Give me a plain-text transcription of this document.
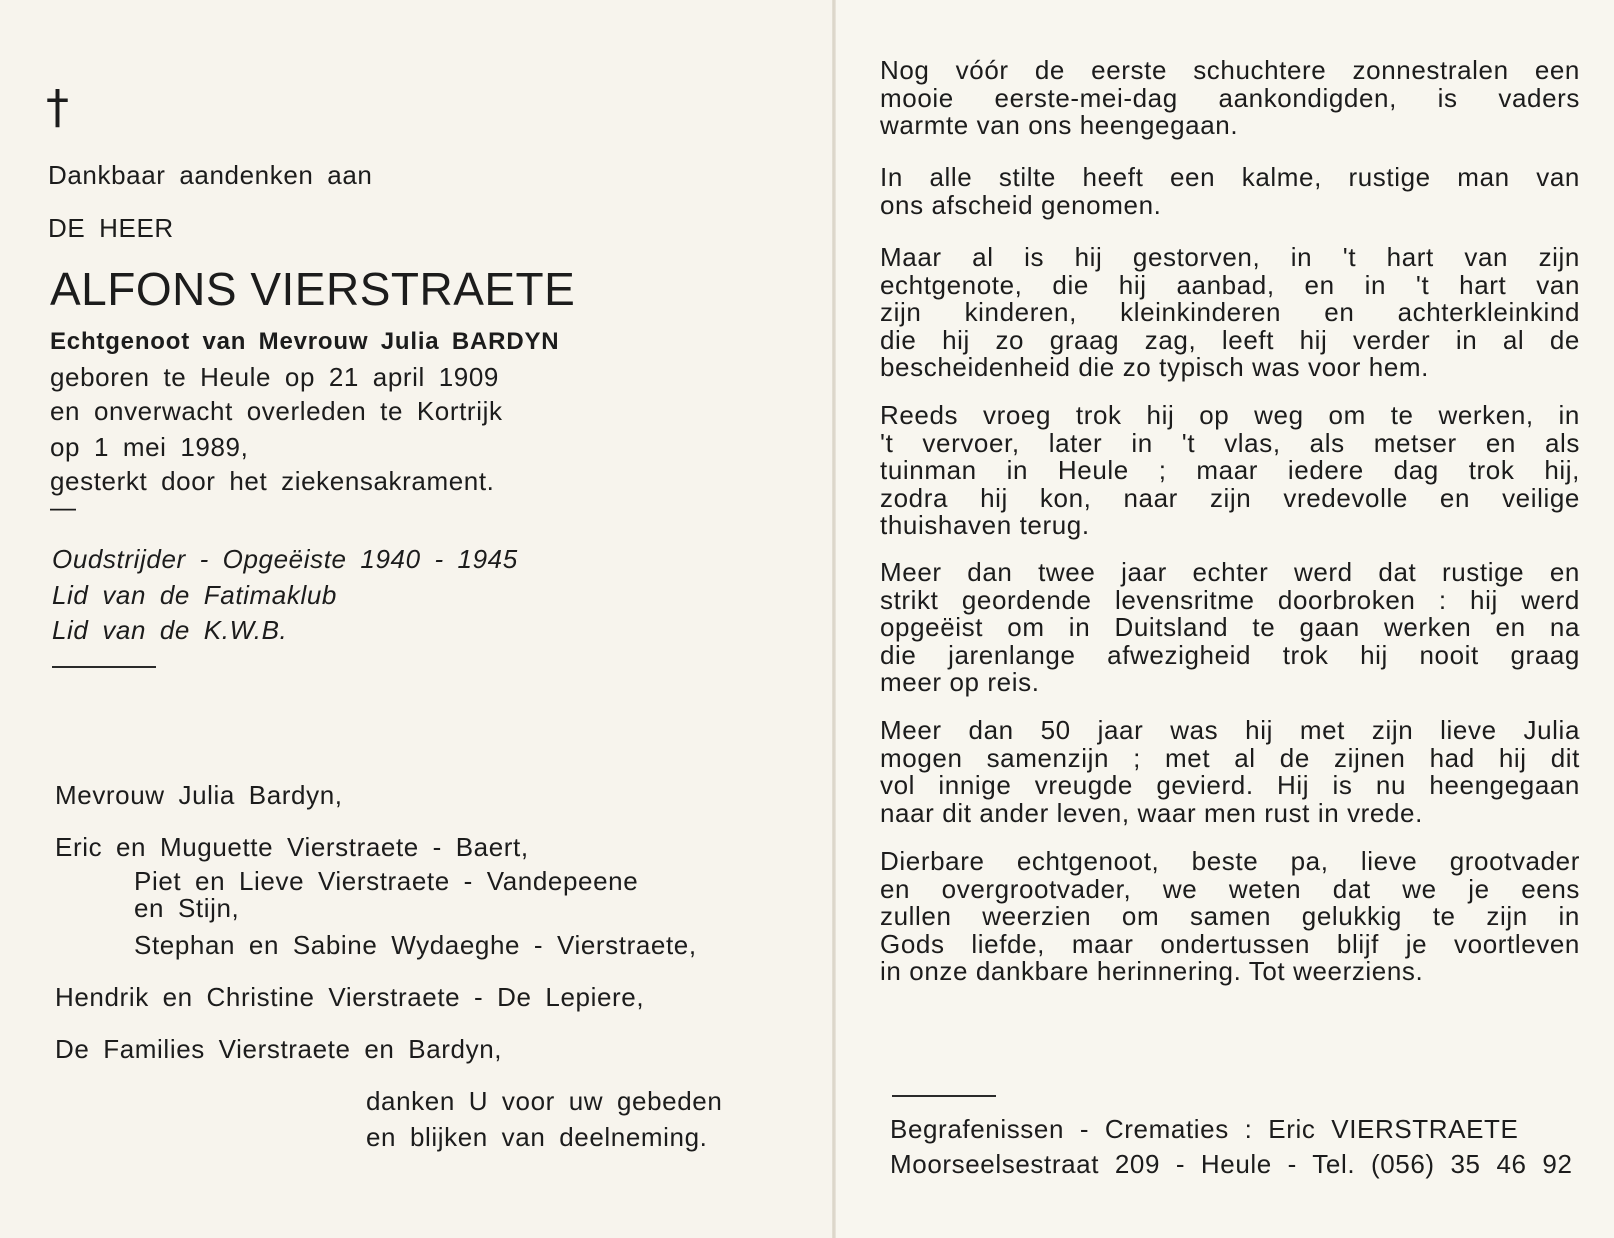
†

Dankbaar aandenken aan

DE HEER

ALFONS VIERSTRAETE

Echtgenoot van Mevrouw Julia BARDYN

geboren te Heule op 21 april 1909

en onverwacht overleden te Kortrijk

op 1 mei 1989,

gesterkt door het ziekensakrament.

—

Oudstrijder - Opgeëiste 1940 - 1945

Lid van de Fatimaklub

Lid van de K.W.B.

Mevrouw Julia Bardyn,

Eric en Muguette Vierstraete - Baert,

Piet en Lieve Vierstraete - Vandepeene

en Stijn,

Stephan en Sabine Wydaeghe - Vierstraete,

Hendrik en Christine Vierstraete - De Lepiere,

De Families Vierstraete en Bardyn,

danken U voor uw gebeden

en blijken van deelneming.

Nog vóór de eerste schuchtere zonnestralen een
mooie eerste-mei-dag aankondigden, is vaders
warmte van ons heengegaan.
In alle stilte heeft een kalme, rustige man van
ons afscheid genomen.
Maar al is hij gestorven, in 't hart van zijn
echtgenote, die hij aanbad, en in 't hart van
zijn kinderen, kleinkinderen en achterkleinkind
die hij zo graag zag, leeft hij verder in al de
bescheidenheid die zo typisch was voor hem.
Reeds vroeg trok hij op weg om te werken, in
't vervoer, later in 't vlas, als metser en als
tuinman in Heule ; maar iedere dag trok hij,
zodra hij kon, naar zijn vredevolle en veilige
thuishaven terug.
Meer dan twee jaar echter werd dat rustige en
strikt geordende levensritme doorbroken : hij werd
opgeëist om in Duitsland te gaan werken en na
die jarenlange afwezigheid trok hij nooit graag
meer op reis.
Meer dan 50 jaar was hij met zijn lieve Julia
mogen samenzijn ; met al de zijnen had hij dit
vol innige vreugde gevierd. Hij is nu heengegaan
naar dit ander leven, waar men rust in vrede.
Dierbare echtgenoot, beste pa, lieve grootvader
en overgrootvader, we weten dat we je eens
zullen weerzien om samen gelukkig te zijn in
Gods liefde, maar ondertussen blijf je voortleven
in onze dankbare herinnering. Tot weerziens.

Begrafenissen - Crematies : Eric VIERSTRAETE

Moorseelsestraat 209 - Heule - Tel. (056) 35 46 92
